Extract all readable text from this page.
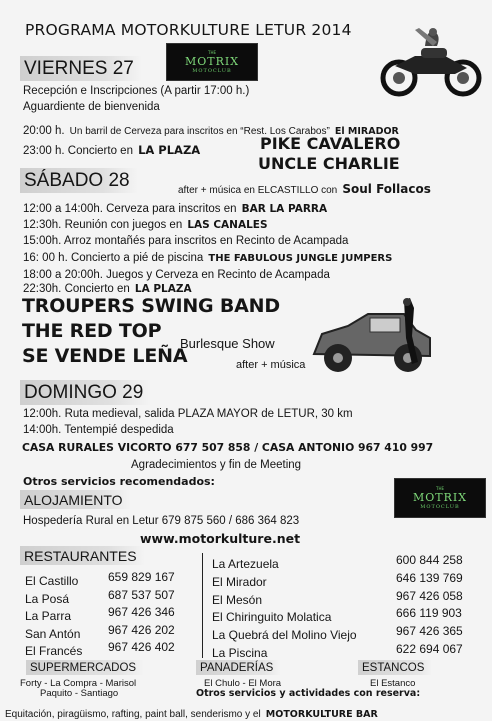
PROGRAMA MOTORKULTURE LETUR 2014
VIERNES 27
THE
MOTRIX
MOTOCLUB
Recepción e Inscripciones (A partir 17:00 h.)
Aguardiente de bienvenida
20:00 h. Un barril de Cerveza para inscritos en “Rest. Los Carabos” El MIRADOR
23:00 h. Concierto en LA PLAZA	PIKE CAVALERO
UNCLE CHARLIE
SÁBADO 28	after + música en ELCASTILLO con Soul Follacos
12:00 a 14:00h. Cerveza para inscritos en BAR LA PARRA
12:30h. Reunión con juegos en LAS CANALES
15:00h. Arroz montañés para inscritos en Recinto de Acampada
16: 00 h. Concierto a pié de piscina THE FABULOUS JUNGLE JUMPERS
18:00 a 20:00h. Juegos y Cerveza en Recinto de Acampada
22:30h. Concierto en LA PLAZA
TROUPERS SWING BAND
THE RED TOP
SE VENDE LEÑA
Burlesque Show
after + música
DOMINGO 29
12:00h. Ruta medieval, salida PLAZA MAYOR de LETUR, 30 km
14:00h. Tentempié despedida
CASA RURALES VICORTO 677 507 858 / CASA ANTONIO 967 410 997
Agradecimientos y fin de Meeting
Otros servicios recomendados:
ALOJAMIENTO
THE
MOTRIX
MOTOCLUB
Hospedería Rural en Letur 679 875 560 / 686 364 823
www.motorkulture.net
RESTAURANTES
SUPERMERCADOS
Forty - La Compra - Marisol
Paquito - Santiago
PANADERÍAS
El Chulo - El Mora
ESTANCOS
El Estanco
Otros servicios y actividades con reserva:
Equitación, piragüismo, rafting, paint ball, senderismo y el MOTORKULTURE BAR
El Castillo 659 829 167
La Posá	687 537 507
La Parra	967 426 346
San Antón 967 426 202
El Francés 967 426 402
La Artezuela	600 844 258
El Mirador	646 139 769
El Mesón	967 426 058
El Chiringuito Molatica	666 119 903
La Quebrá del Molino Viejo	967 426 365
La Piscina	622 694 067
